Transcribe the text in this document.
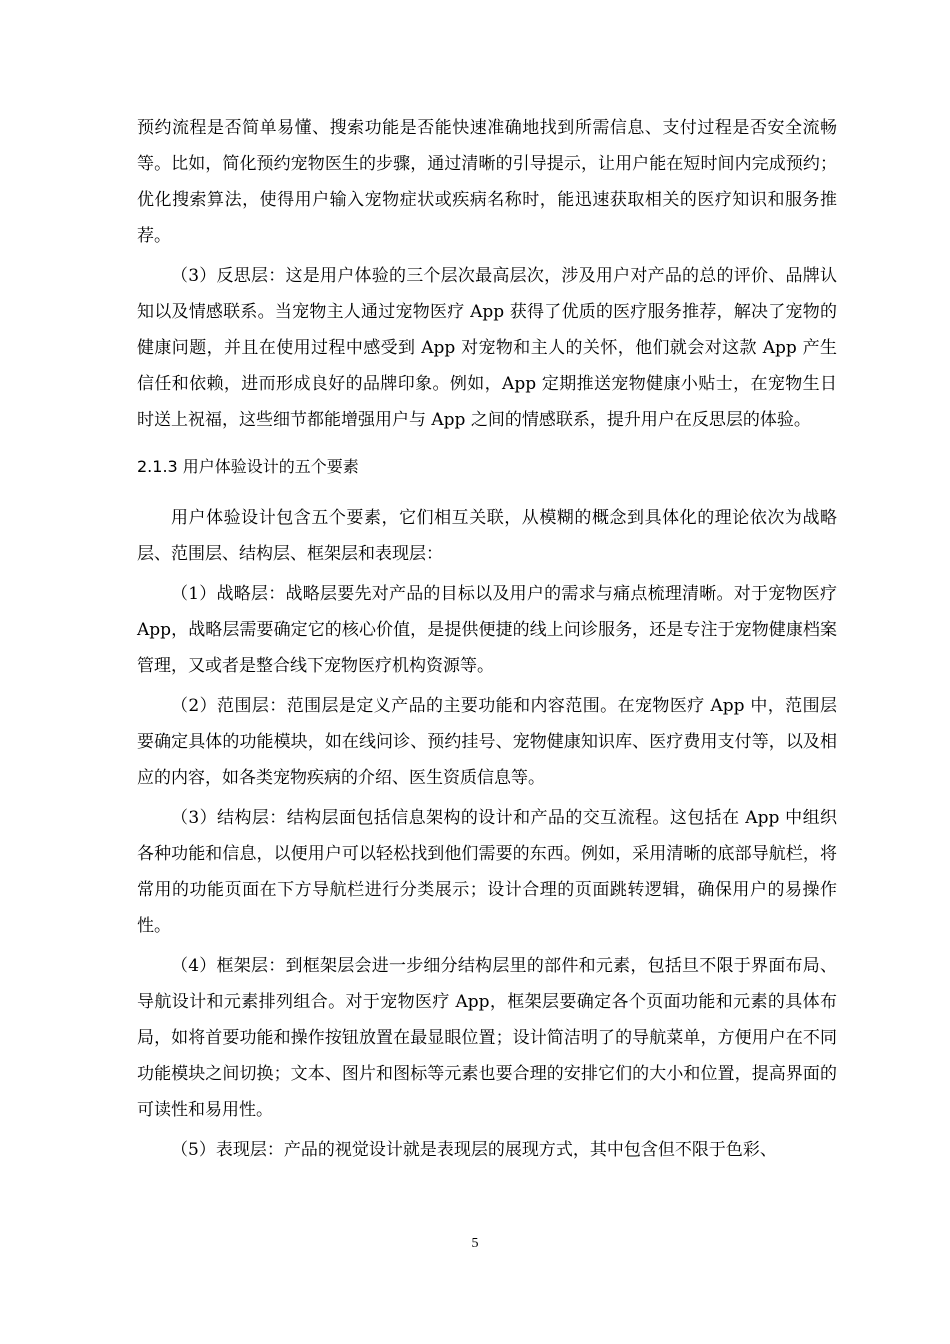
预约流程是否简单易懂、搜索功能是否能快速准确地找到所需信息、支付过程是否安全流畅等。比如，简化预约宠物医生的步骤，通过清晰的引导提示，让用户能在短时间内完成预约；优化搜索算法，使得用户输入宠物症状或疾病名称时，能迅速获取相关的医疗知识和服务推荐。

（3）反思层：这是用户体验的三个层次最高层次，涉及用户对产品的总的评价、品牌认知以及情感联系。当宠物主人通过宠物医疗 App 获得了优质的医疗服务推荐，解决了宠物的健康问题，并且在使用过程中感受到 App 对宠物和主人的关怀，他们就会对这款 App 产生信任和依赖，进而形成良好的品牌印象。例如，App 定期推送宠物健康小贴士，在宠物生日时送上祝福，这些细节都能增强用户与 App 之间的情感联系，提升用户在反思层的体验。

2.1.3 用户体验设计的五个要素

用户体验设计包含五个要素，它们相互关联，从模糊的概念到具体化的理论依次为战略层、范围层、结构层、框架层和表现层：

（1）战略层：战略层要先对产品的目标以及用户的需求与痛点梳理清晰。对于宠物医疗 App，战略层需要确定它的核心价值，是提供便捷的线上问诊服务，还是专注于宠物健康档案管理，又或者是整合线下宠物医疗机构资源等。

（2）范围层：范围层是定义产品的主要功能和内容范围。在宠物医疗 App 中，范围层要确定具体的功能模块，如在线问诊、预约挂号、宠物健康知识库、医疗费用支付等，以及相应的内容，如各类宠物疾病的介绍、医生资质信息等。

（3）结构层：结构层面包括信息架构的设计和产品的交互流程。这包括在 App 中组织各种功能和信息，以便用户可以轻松找到他们需要的东西。例如，采用清晰的底部导航栏，将常用的功能页面在下方导航栏进行分类展示；设计合理的页面跳转逻辑，确保用户的易操作性。

（4）框架层：到框架层会进一步细分结构层里的部件和元素，包括旦不限于界面布局、导航设计和元素排列组合。对于宠物医疗 App，框架层要确定各个页面功能和元素的具体布局，如将首要功能和操作按钮放置在最显眼位置；设计简洁明了的导航菜单，方便用户在不同功能模块之间切换；文本、图片和图标等元素也要合理的安排它们的大小和位置，提高界面的可读性和易用性。

（5）表现层：产品的视觉设计就是表现层的展现方式，其中包含但不限于色彩、

5
